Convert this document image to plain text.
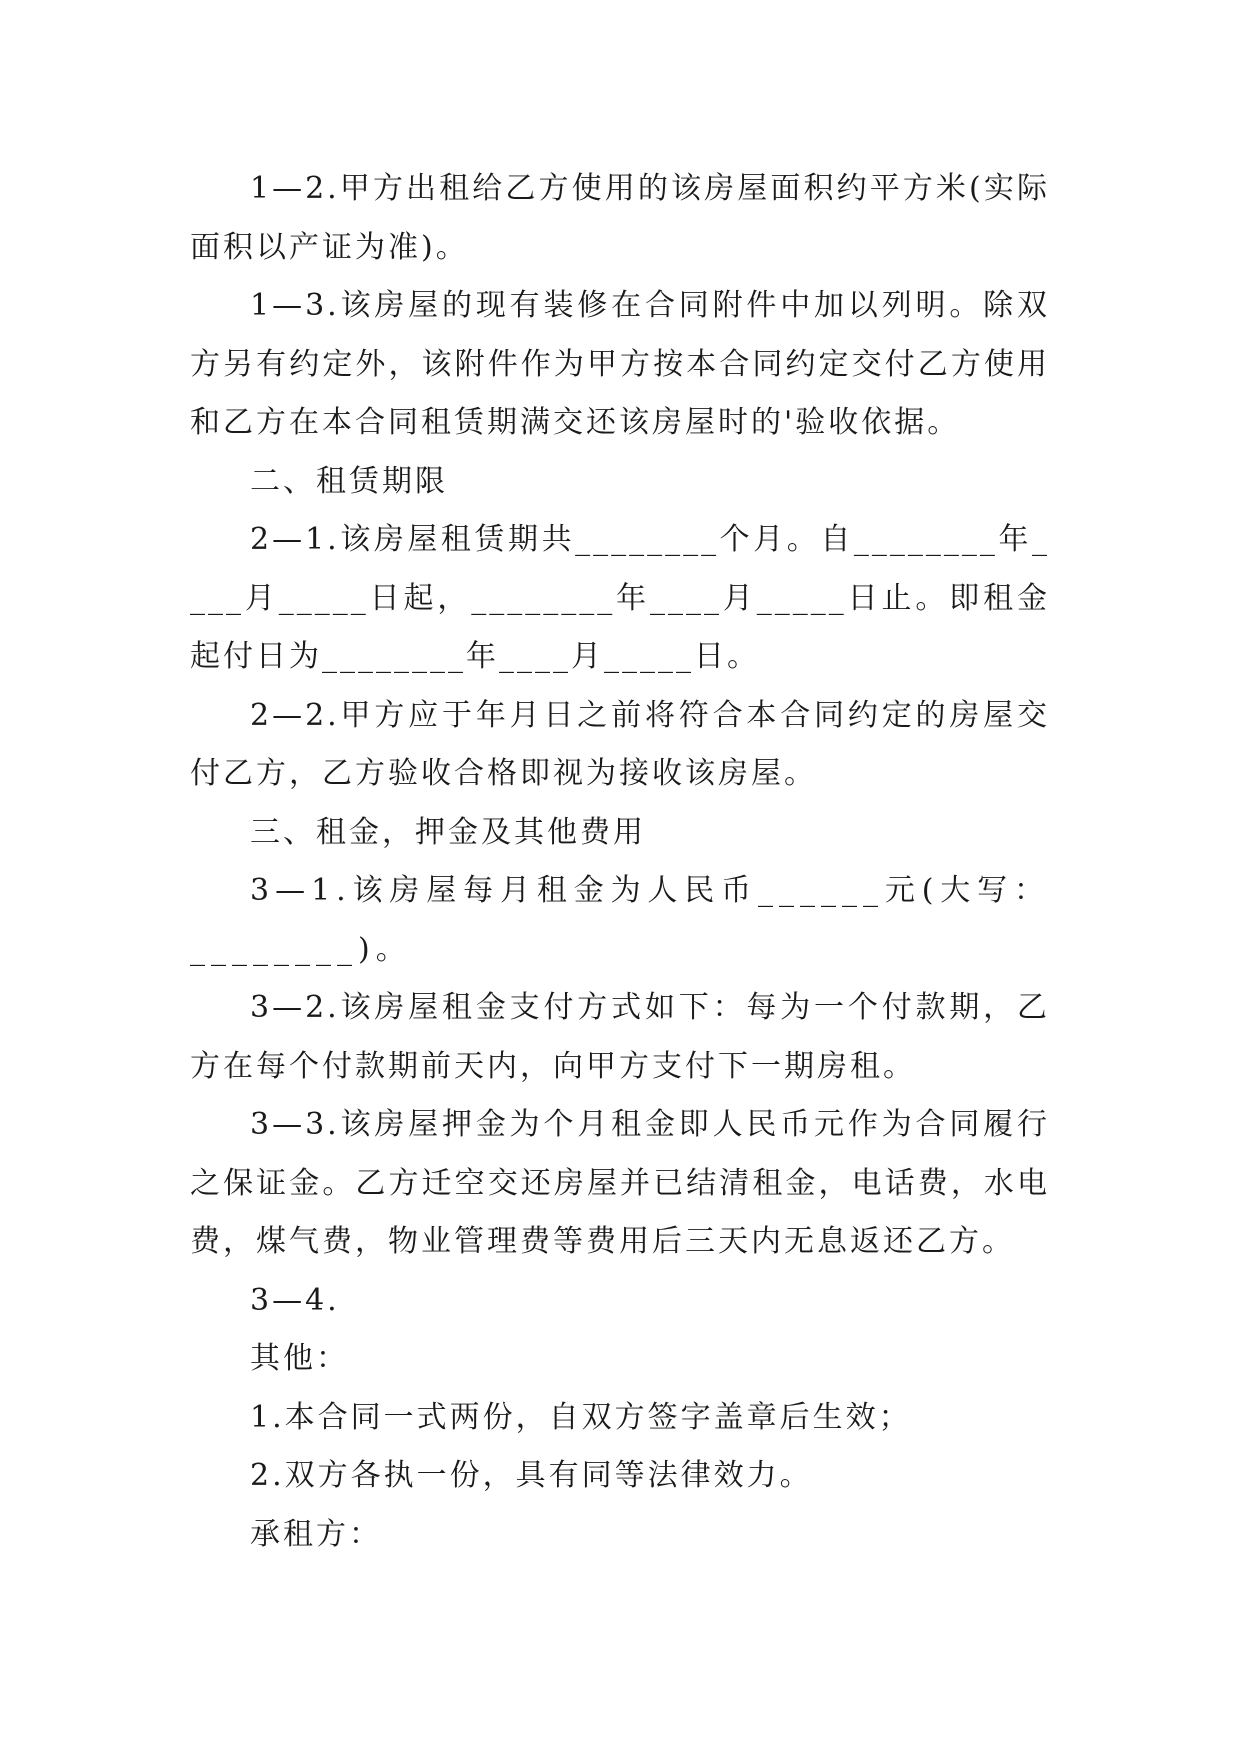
1—2.甲方出租给乙方使用的该房屋面积约平方米(实际面积以产证为准)。

1—3.该房屋的现有装修在合同附件中加以列明。除双方另有约定外，该附件作为甲方按本合同约定交付乙方使用和乙方在本合同租赁期满交还该房屋时的'验收依据。

二、租赁期限

2—1.该房屋租赁期共________个月。自________年____月_____日起，________年____月_____日止。即租金起付日为________年____月_____日。

2—2.甲方应于年月日之前将符合本合同约定的房屋交付乙方，乙方验收合格即视为接收该房屋。

三、租金，押金及其他费用

3—1.该房屋每月租金为人民币______元(大写：________)。

3—2.该房屋租金支付方式如下：每为一个付款期，乙方在每个付款期前天内，向甲方支付下一期房租。

3—3.该房屋押金为个月租金即人民币元作为合同履行之保证金。乙方迁空交还房屋并已结清租金，电话费，水电费，煤气费，物业管理费等费用后三天内无息返还乙方。

3—4.

其他：

1.本合同一式两份，自双方签字盖章后生效；

2.双方各执一份，具有同等法律效力。

承租方：
